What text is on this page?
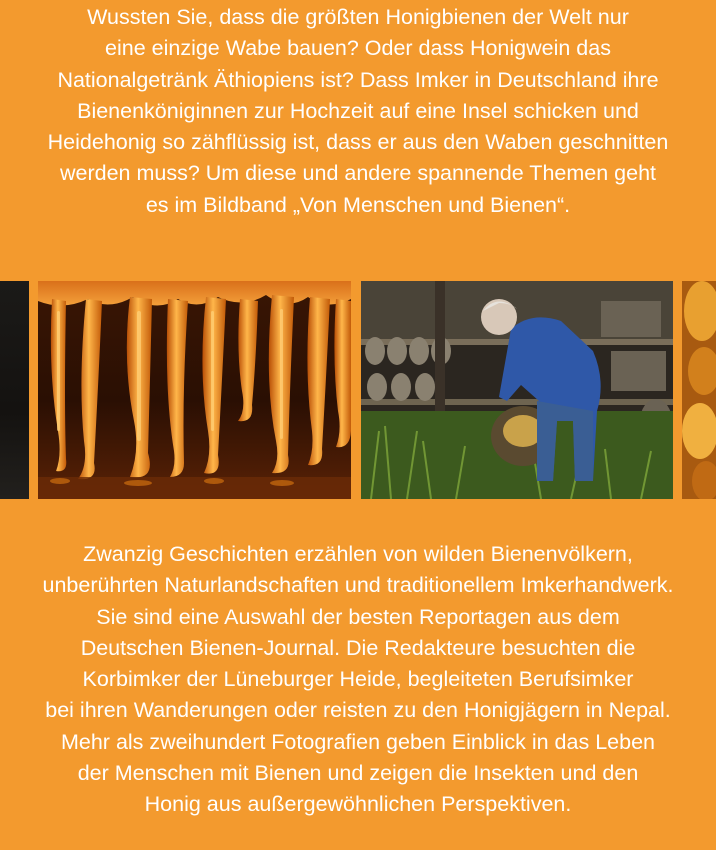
Wussten Sie, dass die größten Honigbienen der Welt nur
eine einzige Wabe bauen? Oder dass Honigwein das
Nationalgetränk Äthiopiens ist? Dass Imker in Deutschland ihre
Bienenköniginnen zur Hochzeit auf eine Insel schicken und
Heidehonig so zähflüssig ist, dass er aus den Waben geschnitten
werden muss? Um diese und andere spannende Themen geht
es im Bildband „Von Menschen und Bienen“.
Zwanzig Geschichten erzählen von wilden Bienenvölkern,
unberührten Naturlandschaften und traditionellem Imkerhandwerk.
Sie sind eine Auswahl der besten Reportagen aus dem
Deutschen Bienen-Journal. Die Redakteure besuchten die
Korbimker der Lüneburger Heide, begleiteten Berufsimker
bei ihren Wanderungen oder reisten zu den Honigjägern in Nepal.
Mehr als zweihundert Fotografien geben Einblick in das Leben
der Menschen mit Bienen und zeigen die Insekten und den
Honig aus außergewöhnlichen Perspektiven.
